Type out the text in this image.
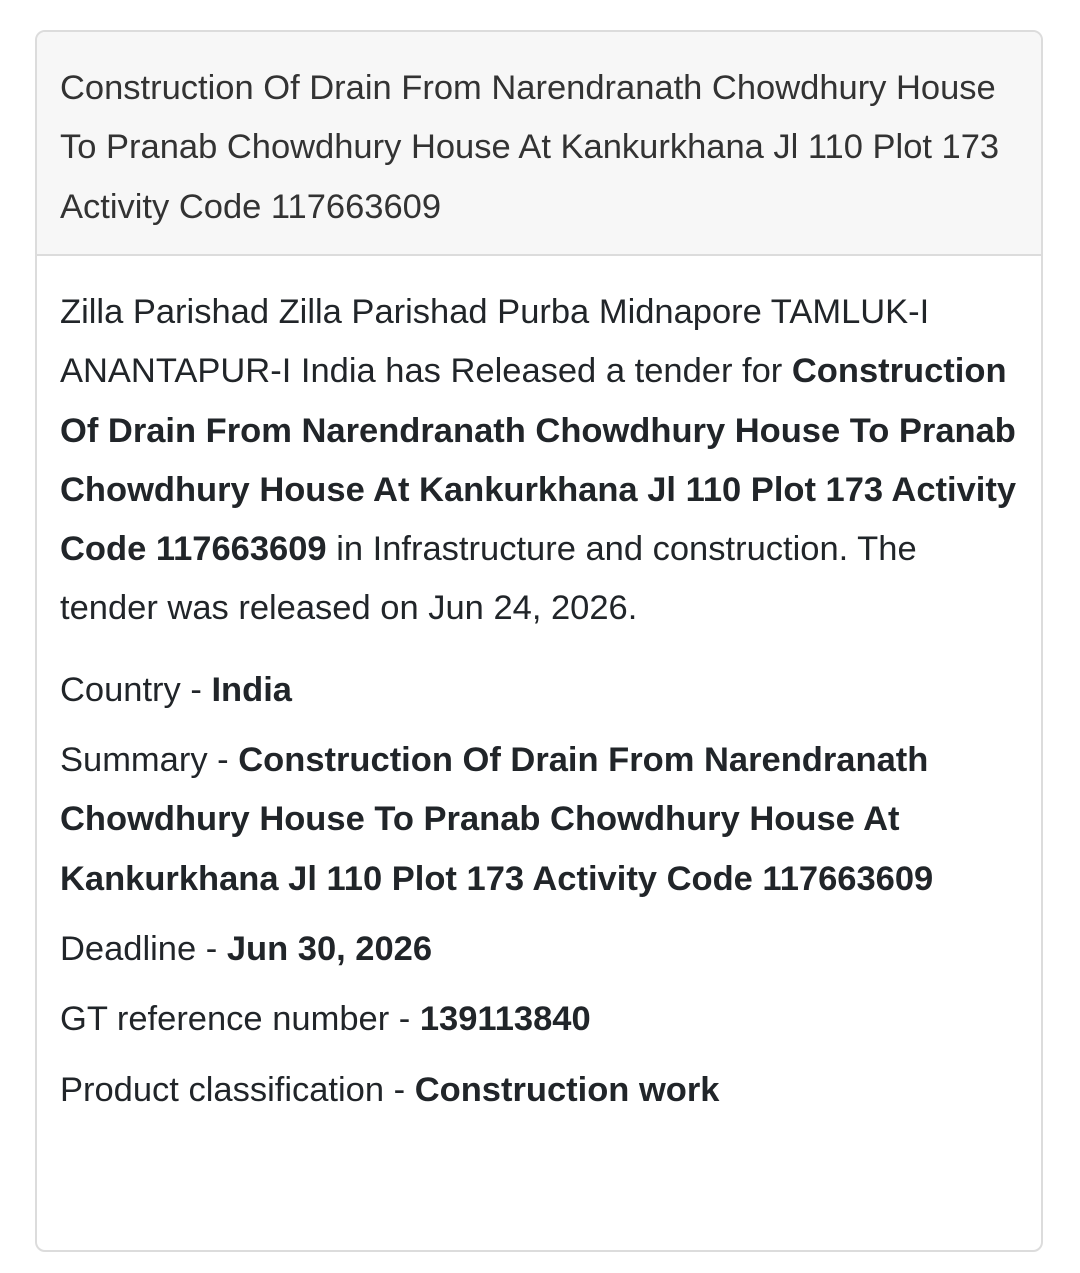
Construction Of Drain From Narendranath Chowdhury House To Pranab Chowdhury House At Kankurkhana Jl 110 Plot 173 Activity Code 117663609

Zilla Parishad Zilla Parishad Purba Midnapore TAMLUK-I ANANTAPUR-I India has Released a tender for Construction Of Drain From Narendranath Chowdhury House To Pranab Chowdhury House At Kankurkhana Jl 110 Plot 173 Activity Code 117663609 in Infrastructure and construction. The tender was released on Jun 24, 2026.

Country - India

Summary - Construction Of Drain From Narendranath Chowdhury House To Pranab Chowdhury House At Kankurkhana Jl 110 Plot 173 Activity Code 117663609

Deadline - Jun 30, 2026

GT reference number - 139113840

Product classification - Construction work
